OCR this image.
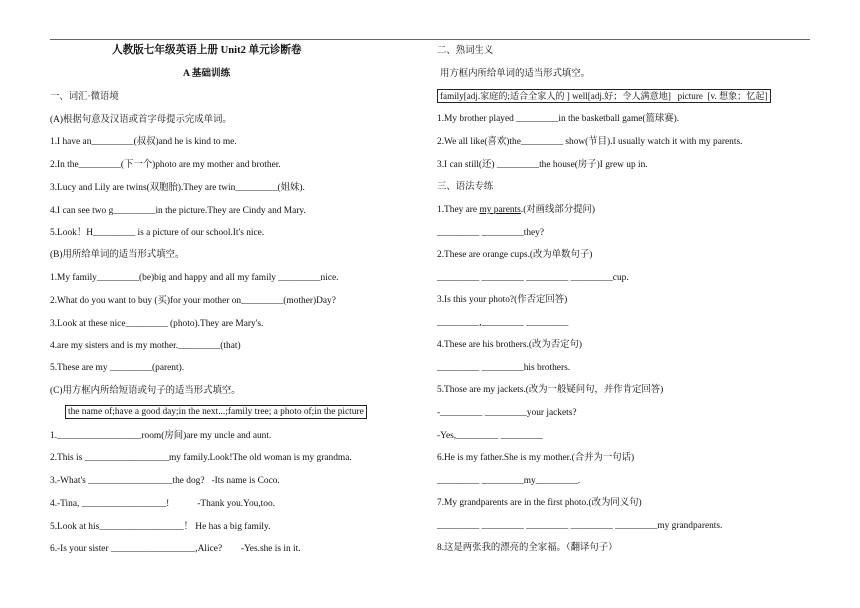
人教版七年级英语上册 Unit2 单元诊断卷
A 基础训练
一、词汇·微语境
(A)根据句意及汉语或首字母提示完成单词。
1.I have an_________(叔叔)and he is kind to me.
2.In the_________(下一个)photo are my mother and brother.
3.Lucy and Lily are twins(双胞胎).They are twin_________(姐妹).
4.I can see two g_________in the picture.They are Cindy and Mary.
5.Look！H_________ is a picture of our school.It's nice.
(B)用所给单词的适当形式填空。
1.My family_________(be)big and happy and all my family _________nice.
2.What do you want to buy (买)for your mother on_________(mother)Day?
3.Look at these nice_________ (photo).They are Mary's.
4.are my sisters and is my mother._________(that)
5.These are my _________(parent).
(C)用方框内所给短语或句子的适当形式填空。
the name of;have a good day;in the next...;family tree; a photo of;in the picture
1.__________________room(房间)are my uncle and aunt.
2.This is __________________my family.Look!The old woman is my grandma.
3.-What's __________________the dog?   -Its name is Coco.
4.-Tina, __________________!            -Thank you.You,too.
5.Look at his__________________！ He has a big family.
6.-Is your sister __________________,Alice?        -Yes.she is in it.
二、熟词生义
用方框内所给单词的适当形式填空。
family[adj.家庭的;适合全家人的 ] well[adj.好；令人满意地]   picture  [v. 想象；忆起]
1.My brother played _________in the basketball game(篮球赛).
2.We all like(喜欢)the_________ show(节目).I usually watch it with my parents.
3.I can still(还) _________the house(房子)I grew up in.
三、语法专练
1.They are my parents.(对画线部分提问)
_________ _________they?
2.These are orange cups.(改为单数句子)
_________ _________ _________ _________cup.
3.Is this your photo?(作否定回答)
_________,_________ _________
4.These are his brothers.(改为否定句)
_________ _________his brothers.
5.Those are my jackets.(改为一般疑问句，并作肯定回答)
-_________ _________your jackets?
-Yes,_________ _________
6.He is my father.She is my mother.(合并为一句话)
_________ _________my_________.
7.My grandparents are in the first photo.(改为同义句)
_________ _________ _________ _________ _________my grandparents.
8.这是两张我的漂亮的全家福。（翻译句子）
